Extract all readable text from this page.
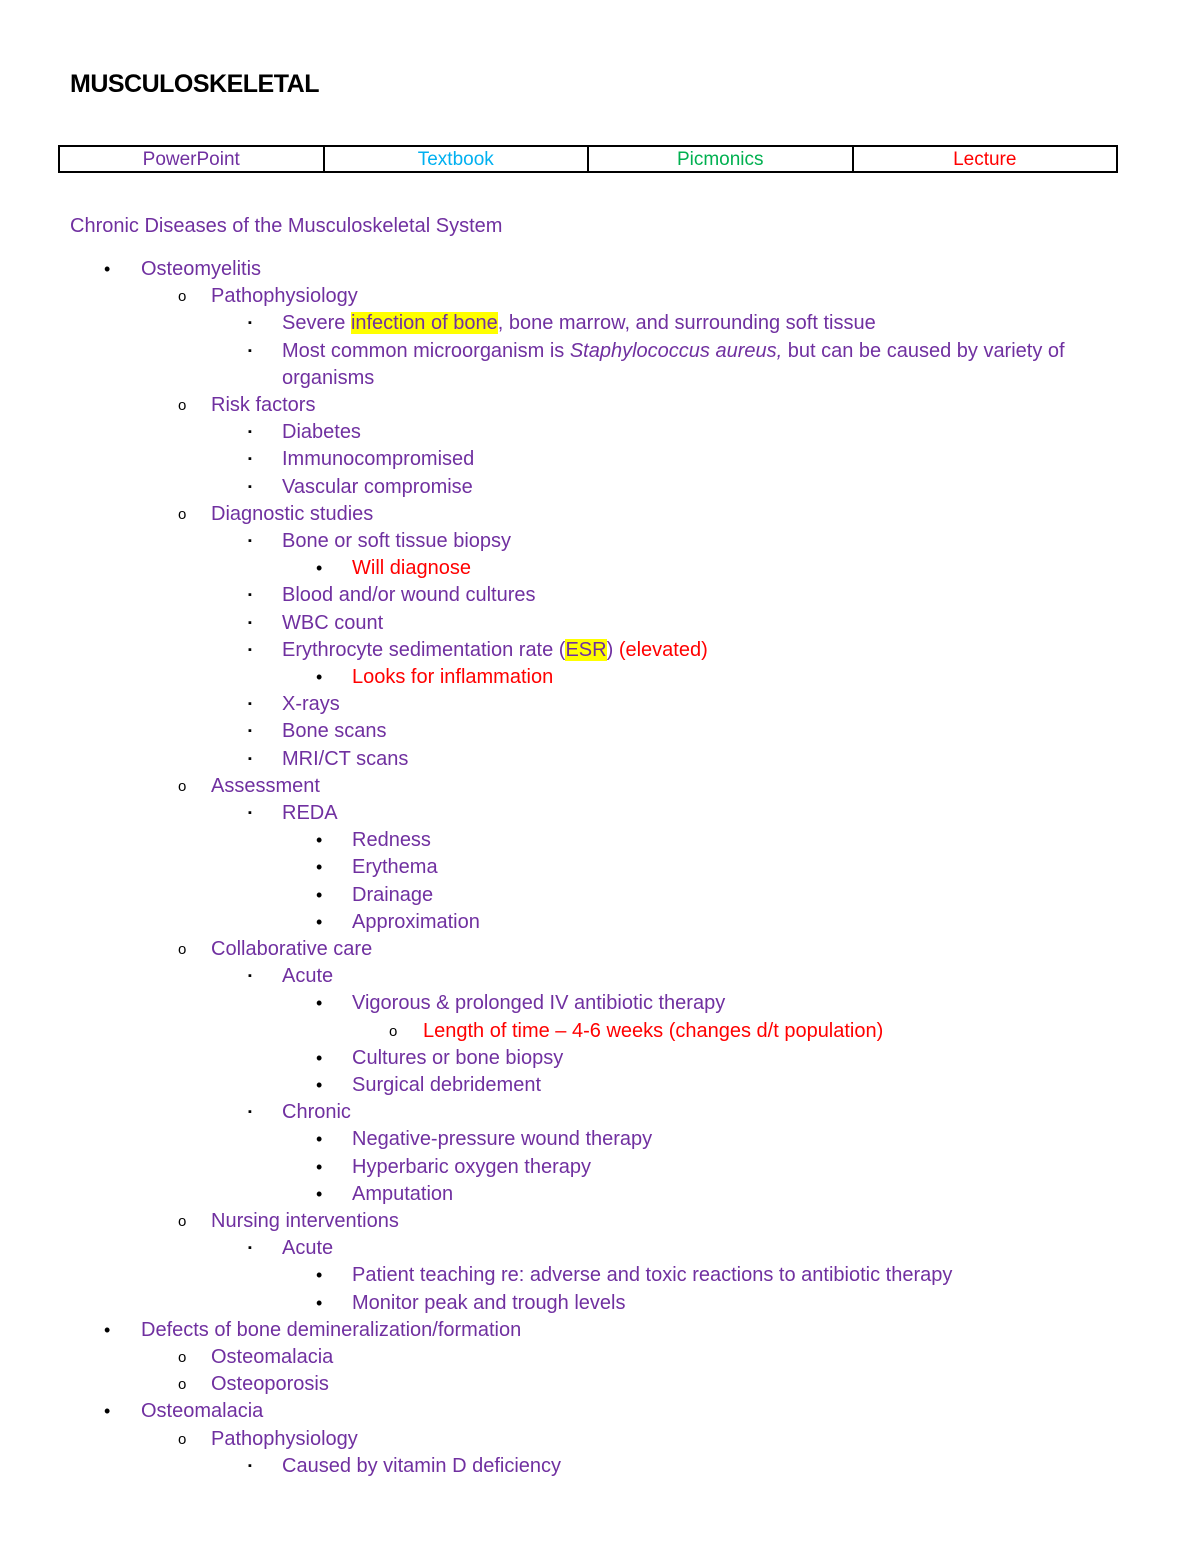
MUSCULOSKELETAL
PowerPoint	Textbook	Picmonics	Lecture
Chronic Diseases of the Musculoskeletal System
• Osteomyelitis
o Pathophysiology
▪ Severe infection of bone, bone marrow, and surrounding soft tissue
▪ Most common microorganism is Staphylococcus aureus, but can be caused by variety of
organisms
o Risk factors
▪ Diabetes
▪ Immunocompromised
▪ Vascular compromise
o Diagnostic studies
▪ Bone or soft tissue biopsy
• Will diagnose
▪ Blood and/or wound cultures
▪ WBC count
▪ Erythrocyte sedimentation rate (ESR) (elevated)
• Looks for inflammation
▪ X-rays
▪ Bone scans
▪ MRI/CT scans
o Assessment
▪ REDA
• Redness
• Erythema
• Drainage
• Approximation
o Collaborative care
▪ Acute
• Vigorous & prolonged IV antibiotic therapy
o Length of time – 4-6 weeks (changes d/t population)
• Cultures or bone biopsy
• Surgical debridement
▪ Chronic
• Negative-pressure wound therapy
• Hyperbaric oxygen therapy
• Amputation
o Nursing interventions
▪ Acute
• Patient teaching re: adverse and toxic reactions to antibiotic therapy
• Monitor peak and trough levels
• Defects of bone demineralization/formation
o Osteomalacia
o Osteoporosis
• Osteomalacia
o Pathophysiology
▪ Caused by vitamin D deficiency
